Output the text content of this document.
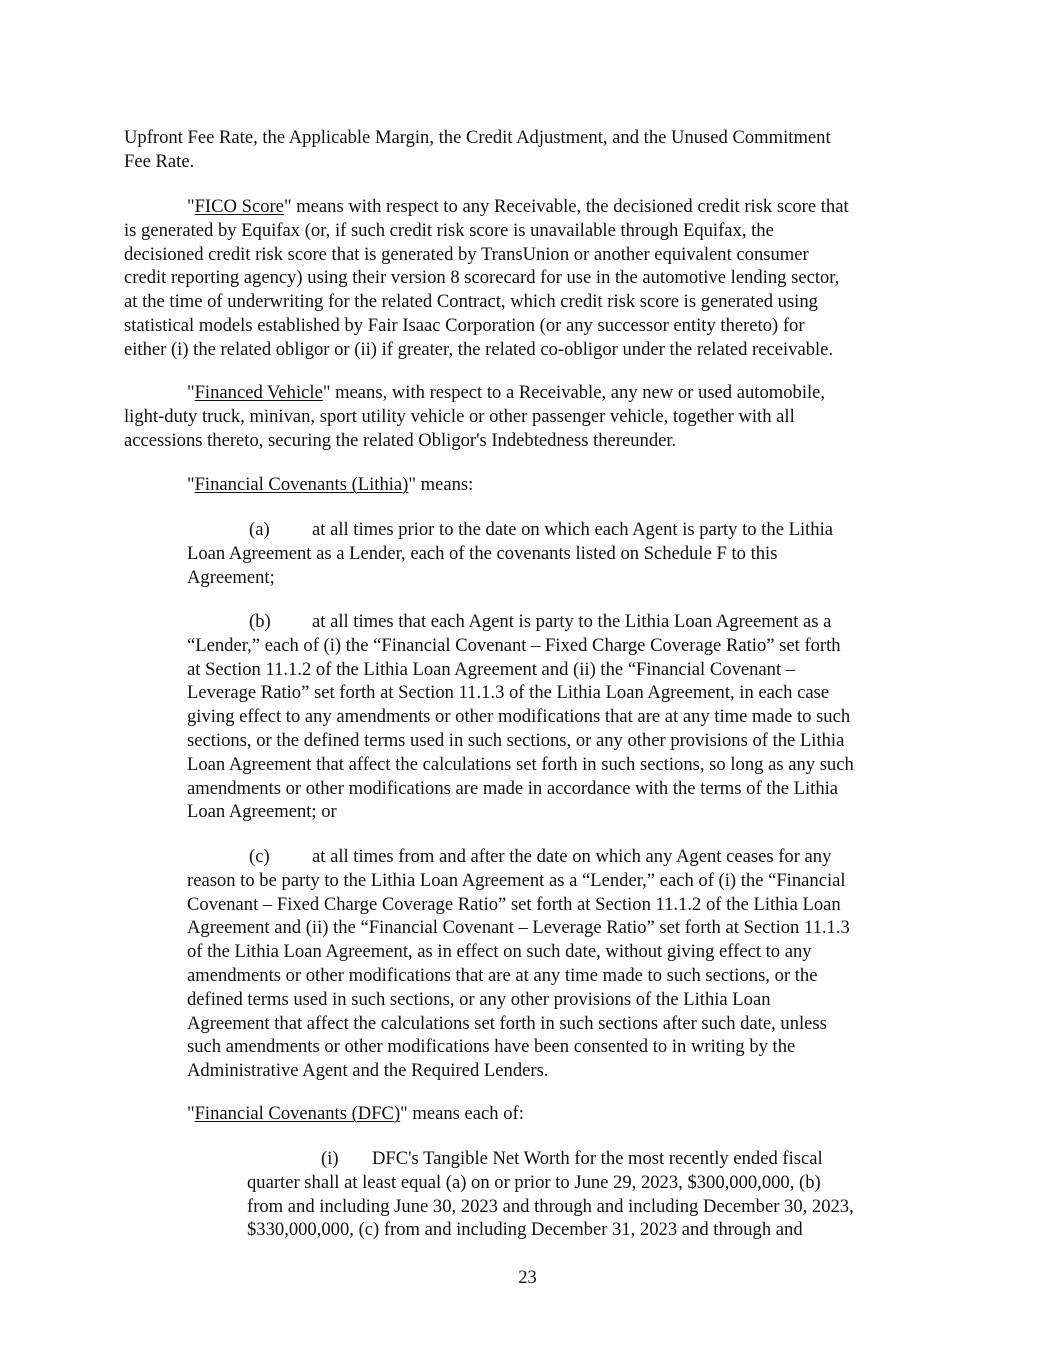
Upfront Fee Rate, the Applicable Margin, the Credit Adjustment, and the Unused Commitment
Fee Rate.
"FICO Score" means with respect to any Receivable, the decisioned credit risk score that
is generated by Equifax (or, if such credit risk score is unavailable through Equifax, the
decisioned credit risk score that is generated by TransUnion or another equivalent consumer
credit reporting agency) using their version 8 scorecard for use in the automotive lending sector,
at the time of underwriting for the related Contract, which credit risk score is generated using
statistical models established by Fair Isaac Corporation (or any successor entity thereto) for
either (i) the related obligor or (ii) if greater, the related co-obligor under the related receivable.
"Financed Vehicle" means, with respect to a Receivable, any new or used automobile,
light-duty truck, minivan, sport utility vehicle or other passenger vehicle, together with all
accessions thereto, securing the related Obligor's Indebtedness thereunder.
"Financial Covenants (Lithia)" means:
(a) at all times prior to the date on which each Agent is party to the Lithia
Loan Agreement as a Lender, each of the covenants listed on Schedule F to this
Agreement;
(b) at all times that each Agent is party to the Lithia Loan Agreement as a
“Lender,” each of (i) the “Financial Covenant – Fixed Charge Coverage Ratio” set forth
at Section 11.1.2 of the Lithia Loan Agreement and (ii) the “Financial Covenant –
Leverage Ratio” set forth at Section 11.1.3 of the Lithia Loan Agreement, in each case
giving effect to any amendments or other modifications that are at any time made to such
sections, or the defined terms used in such sections, or any other provisions of the Lithia
Loan Agreement that affect the calculations set forth in such sections, so long as any such
amendments or other modifications are made in accordance with the terms of the Lithia
Loan Agreement; or
(c) at all times from and after the date on which any Agent ceases for any
reason to be party to the Lithia Loan Agreement as a “Lender,” each of (i) the “Financial
Covenant – Fixed Charge Coverage Ratio” set forth at Section 11.1.2 of the Lithia Loan
Agreement and (ii) the “Financial Covenant – Leverage Ratio” set forth at Section 11.1.3
of the Lithia Loan Agreement, as in effect on such date, without giving effect to any
amendments or other modifications that are at any time made to such sections, or the
defined terms used in such sections, or any other provisions of the Lithia Loan
Agreement that affect the calculations set forth in such sections after such date, unless
such amendments or other modifications have been consented to in writing by the
Administrative Agent and the Required Lenders.
"Financial Covenants (DFC)" means each of:
(i) DFC's Tangible Net Worth for the most recently ended fiscal
quarter shall at least equal (a) on or prior to June 29, 2023, $300,000,000, (b)
from and including June 30, 2023 and through and including December 30, 2023,
$330,000,000, (c) from and including December 31, 2023 and through and
23
